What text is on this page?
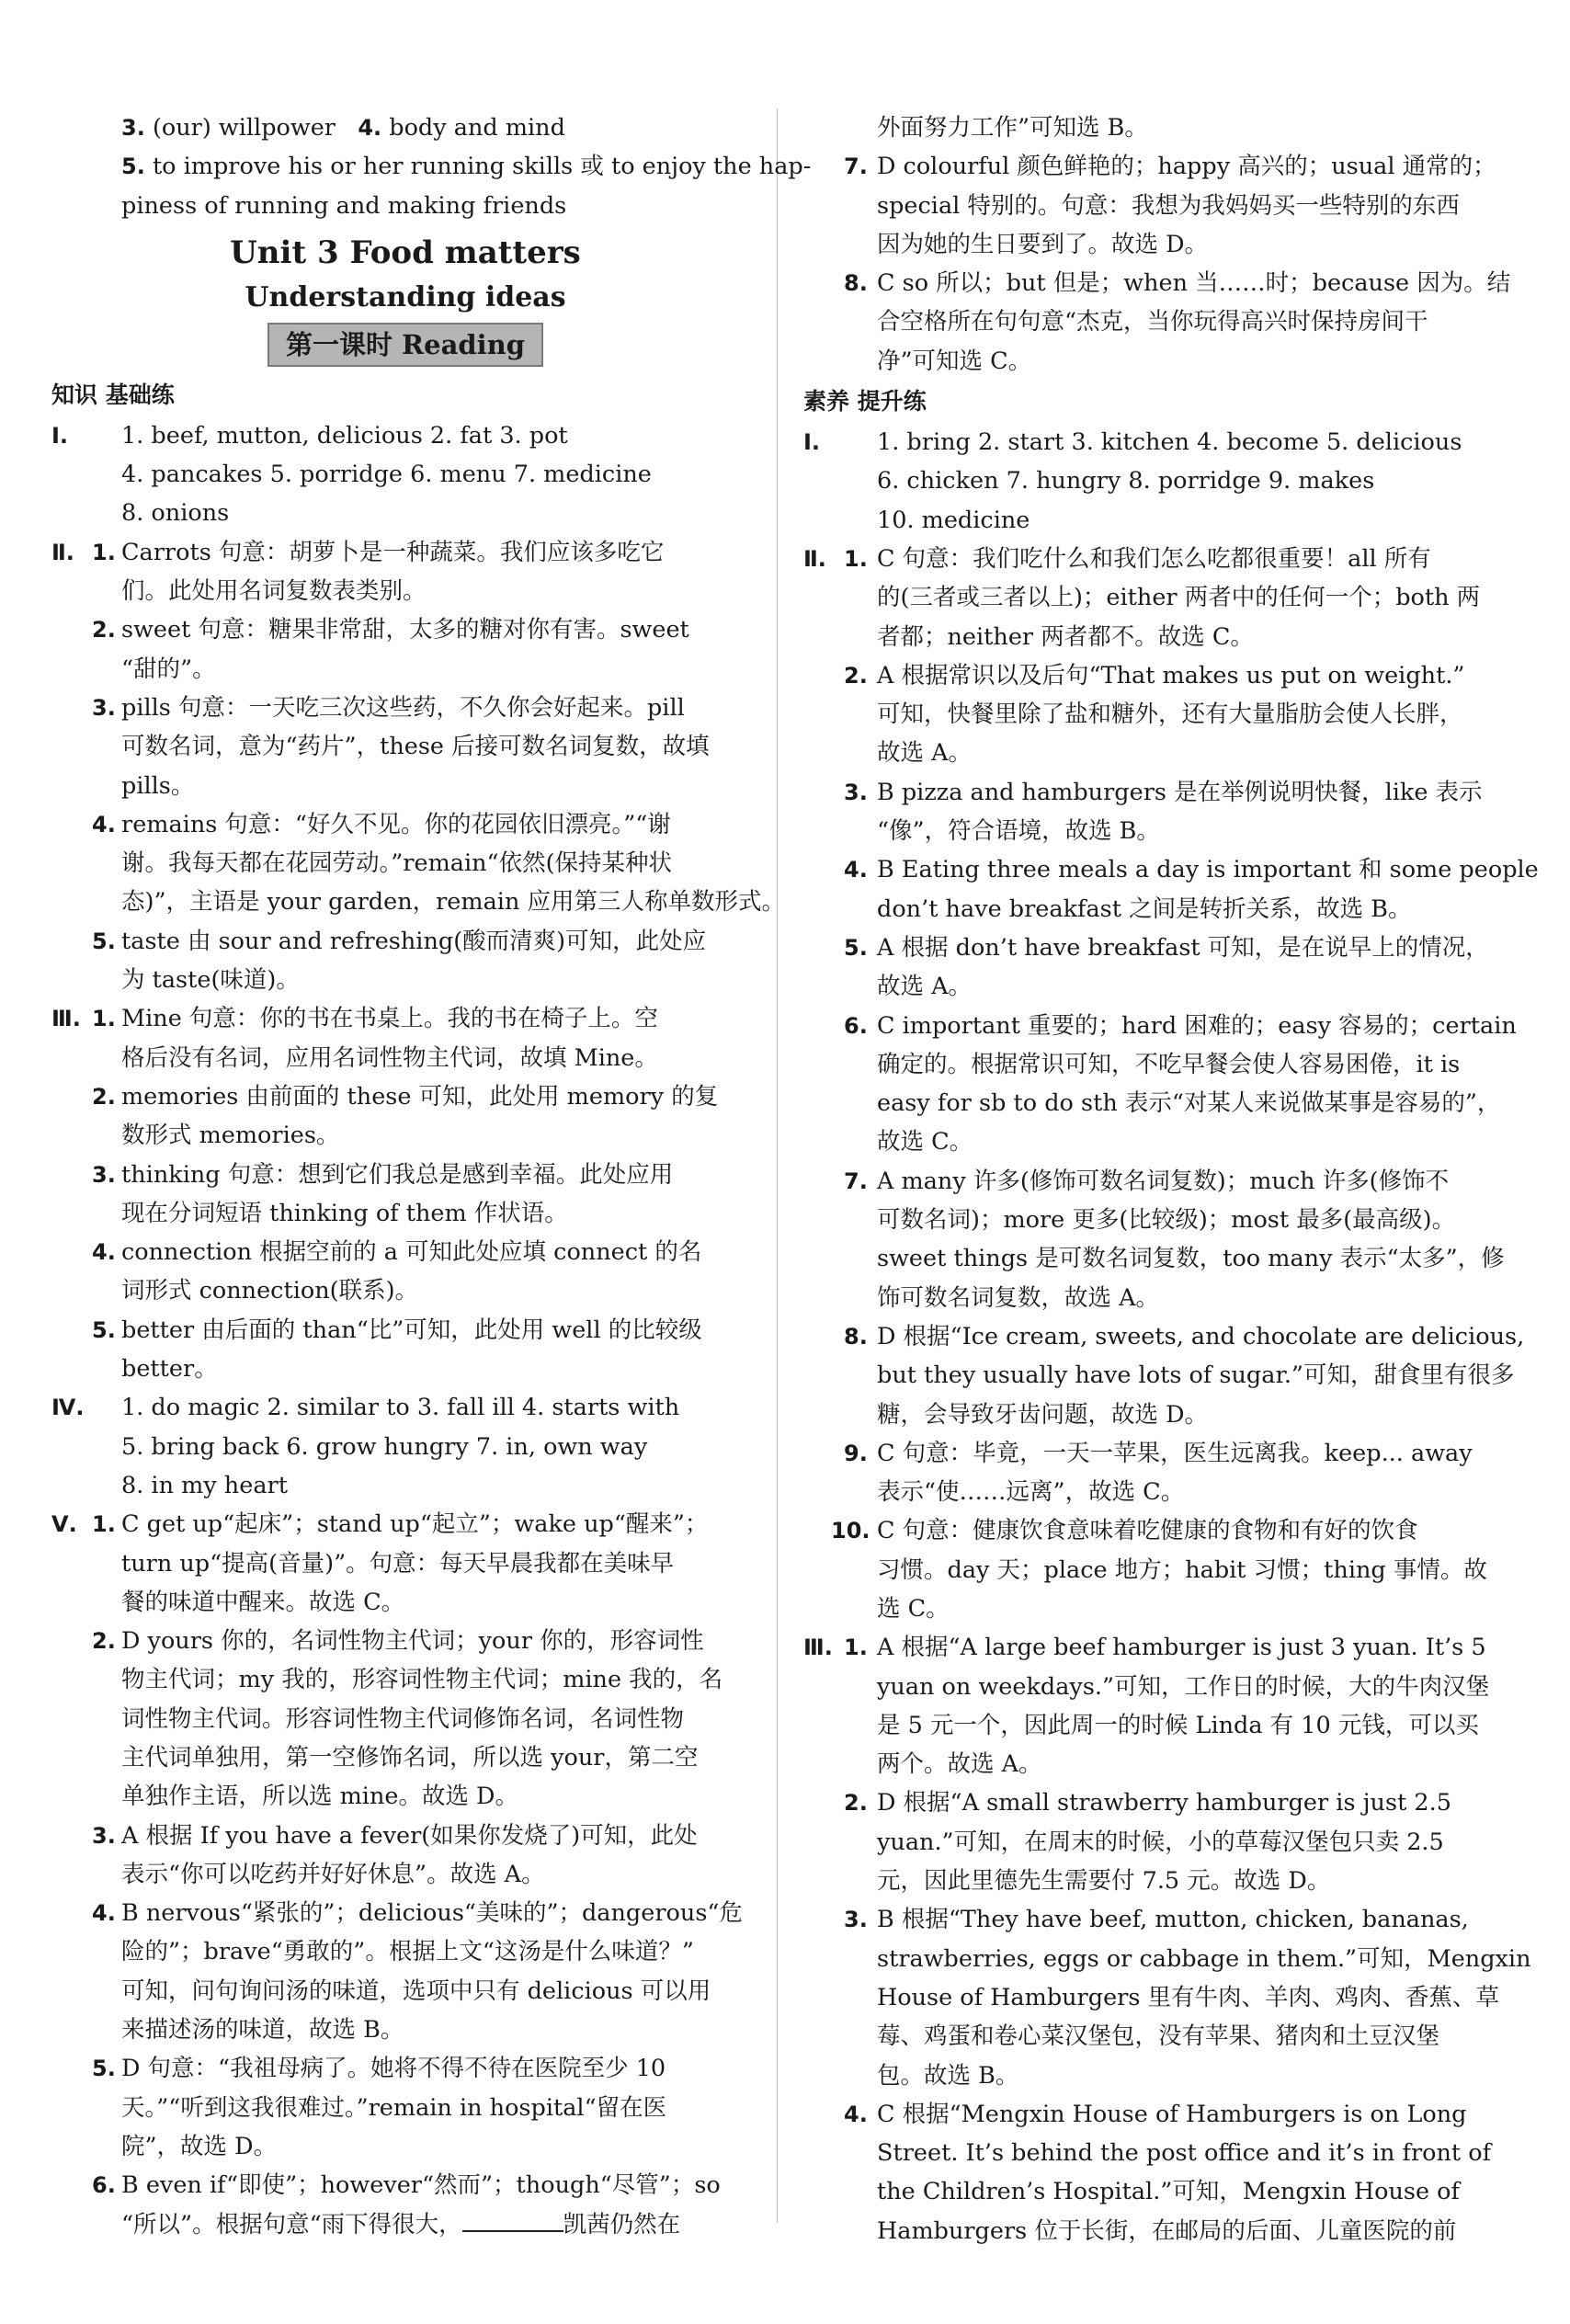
3. (our) willpower 4. body and mind
5. to improve his or her running skills 或 to enjoy the hap-
piness of running and making friends
Unit 3 Food matters
Understanding ideas
第一课时 Reading
知识 基础练
Ⅰ. 1. beef, mutton, delicious 2. fat 3. pot
4. pancakes 5. porridge 6. menu 7. medicine
8. onions
Ⅱ. 1. Carrots 句意：胡萝卜是一种蔬菜。我们应该多吃它
们。此处用名词复数表类别。
2. sweet 句意：糖果非常甜，太多的糖对你有害。sweet
“甜的”。
3. pills 句意：一天吃三次这些药，不久你会好起来。pill
可数名词，意为“药片”，these 后接可数名词复数，故填
pills。
4. remains 句意：“好久不见。你的花园依旧漂亮。”“谢
谢。我每天都在花园劳动。”remain“依然(保持某种状
态)”，主语是 your garden，remain 应用第三人称单数形式。
5. taste 由 sour and refreshing(酸而清爽)可知，此处应
为 taste(味道)。
Ⅲ. 1. Mine 句意：你的书在书桌上。我的书在椅子上。空
格后没有名词，应用名词性物主代词，故填 Mine。
2. memories 由前面的 these 可知，此处用 memory 的复
数形式 memories。
3. thinking 句意：想到它们我总是感到幸福。此处应用
现在分词短语 thinking of them 作状语。
4. connection 根据空前的 a 可知此处应填 connect 的名
词形式 connection(联系)。
5. better 由后面的 than“比”可知，此处用 well 的比较级
better。
Ⅳ. 1. do magic 2. similar to 3. fall ill 4. starts with
5. bring back 6. grow hungry 7. in, own way
8. in my heart
Ⅴ. 1. C get up“起床”；stand up“起立”；wake up“醒来”；
turn up“提高(音量)”。句意：每天早晨我都在美味早
餐的味道中醒来。故选 C。
2. D yours 你的，名词性物主代词；your 你的，形容词性
物主代词；my 我的，形容词性物主代词；mine 我的，名
词性物主代词。形容词性物主代词修饰名词，名词性物
主代词单独用，第一空修饰名词，所以选 your，第二空
单独作主语，所以选 mine。故选 D。
3. A 根据 If you have a fever(如果你发烧了)可知，此处
表示“你可以吃药并好好休息”。故选 A。
4. B nervous“紧张的”；delicious“美味的”；dangerous“危
险的”；brave“勇敢的”。根据上文“这汤是什么味道？”
可知，问句询问汤的味道，选项中只有 delicious 可以用
来描述汤的味道，故选 B。
5. D 句意：“我祖母病了。她将不得不待在医院至少 10
天。”“听到这我很难过。”remain in hospital“留在医
院”，故选 D。
6. B even if“即使”；however“然而”；though“尽管”；so
“所以”。根据句意“雨下得很大，	凯茜仍然在
外面努力工作”可知选 B。
7. D colourful 颜色鲜艳的；happy 高兴的；usual 通常的；
special 特别的。句意：我想为我妈妈买一些特别的东西
因为她的生日要到了。故选 D。
8. C so 所以；but 但是；when 当……时；because 因为。结
合空格所在句句意“杰克，当你玩得高兴时保持房间干
净”可知选 C。
素养 提升练
Ⅰ. 1. bring 2. start 3. kitchen 4. become 5. delicious
6. chicken 7. hungry 8. porridge 9. makes
10. medicine
Ⅱ. 1. C 句意：我们吃什么和我们怎么吃都很重要！all 所有
的(三者或三者以上)；either 两者中的任何一个；both 两
者都；neither 两者都不。故选 C。
2. A 根据常识以及后句“That makes us put on weight.”
可知，快餐里除了盐和糖外，还有大量脂肪会使人长胖，
故选 A。
3. B pizza and hamburgers 是在举例说明快餐，like 表示
“像”，符合语境，故选 B。
4. B Eating three meals a day is important 和 some people
don’t have breakfast 之间是转折关系，故选 B。
5. A 根据 don’t have breakfast 可知，是在说早上的情况，
故选 A。
6. C important 重要的；hard 困难的；easy 容易的；certain
确定的。根据常识可知，不吃早餐会使人容易困倦，it is
easy for sb to do sth 表示“对某人来说做某事是容易的”，
故选 C。
7. A many 许多(修饰可数名词复数)；much 许多(修饰不
可数名词)；more 更多(比较级)；most 最多(最高级)。
sweet things 是可数名词复数，too many 表示“太多”，修
饰可数名词复数，故选 A。
8. D 根据“Ice cream, sweets, and chocolate are delicious,
but they usually have lots of sugar.”可知，甜食里有很多
糖，会导致牙齿问题，故选 D。
9. C 句意：毕竟，一天一苹果，医生远离我。keep... away
表示“使……远离”，故选 C。
10. C 句意：健康饮食意味着吃健康的食物和有好的饮食
习惯。day 天；place 地方；habit 习惯；thing 事情。故
选 C。
Ⅲ. 1. A 根据“A large beef hamburger is just 3 yuan. It’s 5
yuan on weekdays.”可知，工作日的时候，大的牛肉汉堡
是 5 元一个，因此周一的时候 Linda 有 10 元钱，可以买
两个。故选 A。
2. D 根据“A small strawberry hamburger is just 2.5
yuan.”可知，在周末的时候，小的草莓汉堡包只卖 2.5
元，因此里德先生需要付 7.5 元。故选 D。
3. B 根据“They have beef, mutton, chicken, bananas,
strawberries, eggs or cabbage in them.”可知，Mengxin
House of Hamburgers 里有牛肉、羊肉、鸡肉、香蕉、草
莓、鸡蛋和卷心菜汉堡包，没有苹果、猪肉和土豆汉堡
包。故选 B。
4. C 根据“Mengxin House of Hamburgers is on Long
Street. It’s behind the post office and it’s in front of
the Children’s Hospital.”可知，Mengxin House of
Hamburgers 位于长街，在邮局的后面、儿童医院的前
